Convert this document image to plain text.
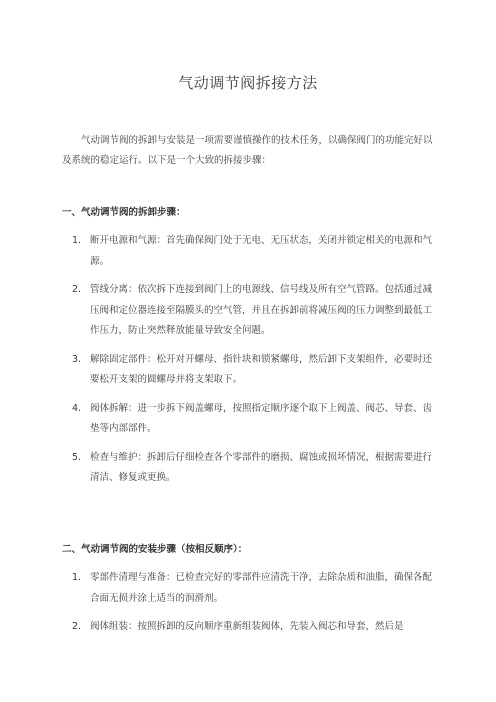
气动调节阀拆接方法

气动调节阀的拆卸与安装是一项需要谨慎操作的技术任务，以确保阀门的功能完好以及系统的稳定运行。以下是一个大致的拆接步骤：

一、气动调节阀的拆卸步骤：

1. 断开电源和气源：首先确保阀门处于无电、无压状态，关闭并锁定相关的电源和气源。
2. 管线分离：依次拆下连接到阀门上的电源线、信号线及所有空气管路。包括通过减压阀和定位器连接至隔膜头的空气管，并且在拆卸前将减压阀的压力调整到最低工作压力，防止突然释放能量导致安全问题。
3. 解除固定部件：松开对开螺母、指针块和锁紧螺母，然后卸下支架组件，必要时还要松开支架的圆螺母并将支架取下。
4. 阀体拆解：进一步拆下阀盖螺母，按照指定顺序逐个取下上阀盖、阀芯、导套、齿垫等内部部件。
5. 检查与维护：拆卸后仔细检查各个零部件的磨损、腐蚀或损坏情况，根据需要进行清洁、修复或更换。

二、气动调节阀的安装步骤（按相反顺序）：

1. 零部件清理与准备：已检查完好的零部件应清洗干净，去除杂质和油脂，确保各配合面无损并涂上适当的润滑剂。
2. 阀体组装：按照拆卸的反向顺序重新组装阀体，先装入阀芯和导套，然后是
